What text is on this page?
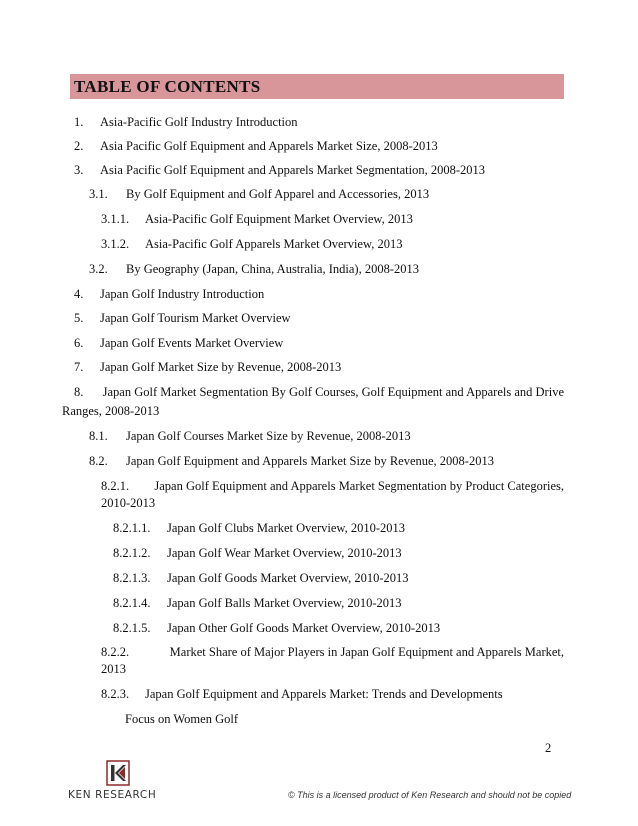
TABLE OF CONTENTS
1. Asia-Pacific Golf Industry Introduction
2. Asia Pacific Golf Equipment and Apparels Market Size, 2008-2013
3. Asia Pacific Golf Equipment and Apparels Market Segmentation, 2008-2013
3.1. By Golf Equipment and Golf Apparel and Accessories, 2013
3.1.1. Asia-Pacific Golf Equipment Market Overview, 2013
3.1.2. Asia-Pacific Golf Apparels Market Overview, 2013
3.2. By Geography (Japan, China, Australia, India), 2008-2013
4. Japan Golf Industry Introduction
5. Japan Golf Tourism Market Overview
6. Japan Golf Events Market Overview
7. Japan Golf Market Size by Revenue, 2008-2013
8. Japan Golf Market Segmentation By Golf Courses, Golf Equipment and Apparels and Drive
Ranges, 2008-2013
8.1. Japan Golf Courses Market Size by Revenue, 2008-2013
8.2. Japan Golf Equipment and Apparels Market Size by Revenue, 2008-2013
8.2.1. Japan Golf Equipment and Apparels Market Segmentation by Product Categories,
2010-2013
8.2.1.1. Japan Golf Clubs Market Overview, 2010-2013
8.2.1.2. Japan Golf Wear Market Overview, 2010-2013
8.2.1.3. Japan Golf Goods Market Overview, 2010-2013
8.2.1.4. Japan Golf Balls Market Overview, 2010-2013
8.2.1.5. Japan Other Golf Goods Market Overview, 2010-2013
8.2.2.	Market Share of Major Players in Japan Golf Equipment and Apparels Market,
2013
8.2.3. Japan Golf Equipment and Apparels Market: Trends and Developments
Focus on Women Golf
2
KEN RESEARCH	© This is a licensed product of Ken Research and should not be copied
